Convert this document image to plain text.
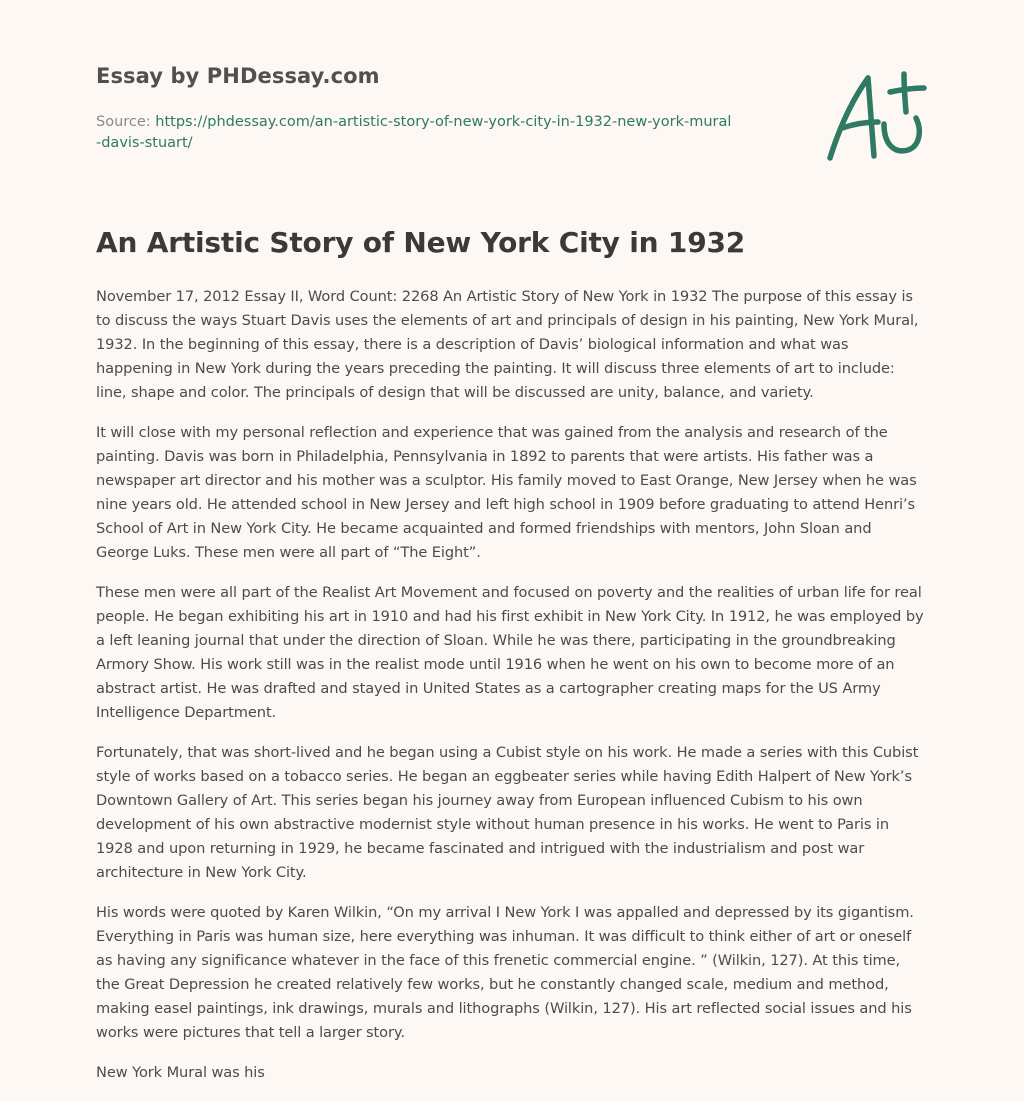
Essay by PHDessay.com
Source: https://phdessay.com/an-artistic-story-of-new-york-city-in-1932-new-york-mural-davis-stuart/
An Artistic Story of New York City in 1932

November 17, 2012 Essay II, Word Count: 2268 An Artistic Story of New York in 1932 The purpose of this essay is to discuss the ways Stuart Davis uses the elements of art and principals of design in his painting, New York Mural, 1932. In the beginning of this essay, there is a description of Davis’ biological information and what was happening in New York during the years preceding the painting. It will discuss three elements of art to include: line, shape and color. The principals of design that will be discussed are unity, balance, and variety.

It will close with my personal reflection and experience that was gained from the analysis and research of the painting. Davis was born in Philadelphia, Pennsylvania in 1892 to parents that were artists. His father was a newspaper art director and his mother was a sculptor. His family moved to East Orange, New Jersey when he was nine years old. He attended school in New Jersey and left high school in 1909 before graduating to attend Henri’s School of Art in New York City. He became acquainted and formed friendships with mentors, John Sloan and George Luks. These men were all part of “The Eight”.

These men were all part of the Realist Art Movement and focused on poverty and the realities of urban life for real people. He began exhibiting his art in 1910 and had his first exhibit in New York City. In 1912, he was employed by a left leaning journal that under the direction of Sloan. While he was there, participating in the groundbreaking Armory Show. His work still was in the realist mode until 1916 when he went on his own to become more of an abstract artist. He was drafted and stayed in United States as a cartographer creating maps for the US Army Intelligence Department.

Fortunately, that was short-lived and he began using a Cubist style on his work. He made a series with this Cubist style of works based on a tobacco series. He began an eggbeater series while having Edith Halpert of New York’s Downtown Gallery of Art. This series began his journey away from European influenced Cubism to his own development of his own abstractive modernist style without human presence in his works. He went to Paris in 1928 and upon returning in 1929, he became fascinated and intrigued with the industrialism and post war architecture in New York City.

His words were quoted by Karen Wilkin, “On my arrival I New York I was appalled and depressed by its gigantism. Everything in Paris was human size, here everything was inhuman. It was difficult to think either of art or oneself as having any significance whatever in the face of this frenetic commercial engine. ” (Wilkin, 127). At this time, the Great Depression he created relatively few works, but he constantly changed scale, medium and method, making easel paintings, ink drawings, murals and lithographs (Wilkin, 127). His art reflected social issues and his works were pictures that tell a larger story.

New York Mural was his
